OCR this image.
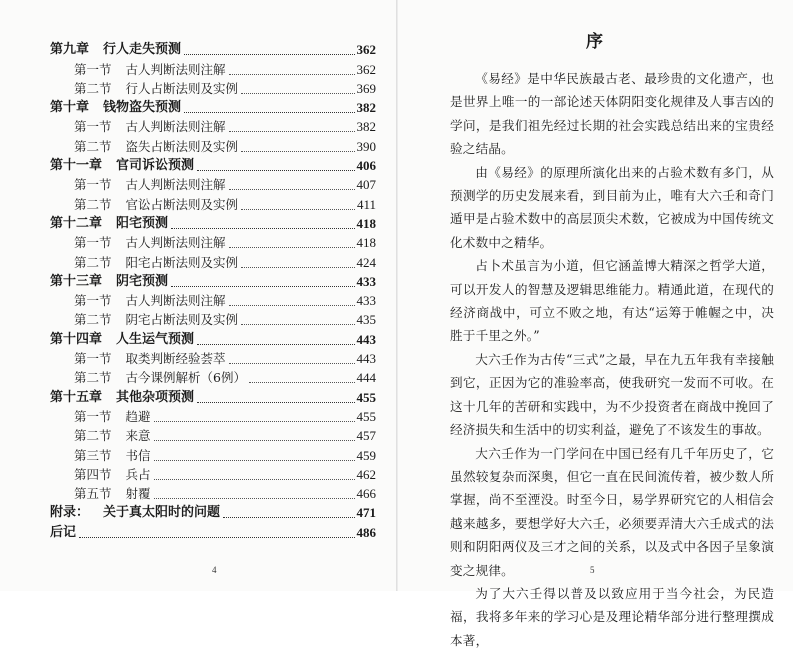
第九章 行人走失预测	362
第一节 古人判断法则注解	362
第二节 行人占断法则及实例	369
第十章 钱物盗失预测	382
第一节 古人判断法则注解	382
第二节 盗失占断法则及实例	390
第十一章 官司诉讼预测	406
第一节 古人判断法则注解	407
第二节 官讼占断法则及实例	411
第十二章 阳宅预测	418
第一节 古人判断法则注解	418
第二节 阳宅占断法则及实例	424
第十三章 阴宅预测	433
第一节 古人判断法则注解	433
第二节 阴宅占断法则及实例	435
第十四章 人生运气预测	443
第一节 取类判断经验荟萃	443
第二节 古今课例解析（6例）	444
第十五章 其他杂项预测	455
第一节 趋避	455
第二节 来意	457
第三节 书信	459
第四节 兵占	462
第五节 射覆	466
附录： 关于真太阳时的问题	471
后记	486
4
序

《易经》是中华民族最古老、最珍贵的文化遗产，也是世界上唯一的一部论述天体阴阳变化规律及人事吉凶的学问，是我们祖先经过长期的社会实践总结出来的宝贵经验之结晶。

由《易经》的原理所演化出来的占验术数有多门，从预测学的历史发展来看，到目前为止，唯有大六壬和奇门遁甲是占验术数中的高层顶尖术数，它被成为中国传统文化术数中之精华。

占卜术虽言为小道，但它涵盖博大精深之哲学大道，可以开发人的智慧及逻辑思维能力。精通此道，在现代的经济商战中，可立不败之地，有达“运筹于帷幄之中，决胜于千里之外。”

大六壬作为古传“三式”之最，早在九五年我有幸接触到它，正因为它的准验率高，使我研究一发而不可收。在这十几年的苦研和实践中，为不少投资者在商战中挽回了经济损失和生活中的切实利益，避免了不该发生的事故。

大六壬作为一门学问在中国已经有几千年历史了，它虽然较复杂而深奥，但它一直在民间流传着，被少数人所掌握，尚不至湮没。时至今日，易学界研究它的人相信会越来越多，要想学好大六壬，必须要弄清大六壬成式的法则和阴阳两仪及三才之间的关系，以及式中各因子呈象演变之规律。

为了大六壬得以普及以致应用于当今社会，为民造福，我将多年来的学习心是及理论精华部分进行整理撰成本著，

5
